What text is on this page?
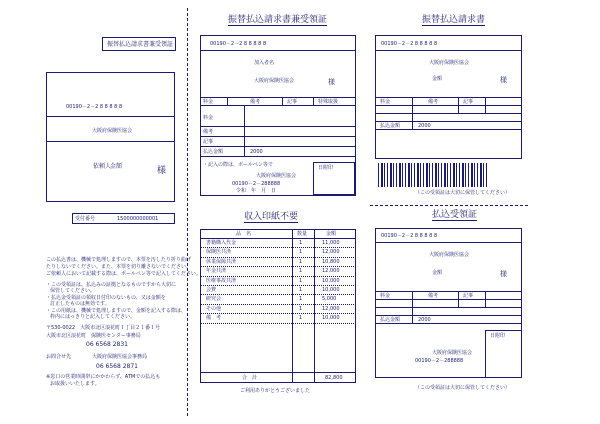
振替払込請求書兼受領証
00190－2－2 8 8 8 8 8
大阪府保険医協会
依頼人
金額	様
受付番号	1500000000001
この払込書は、機械で処理しますので、本票を汚したり折り曲げ
たりしないでください。また、本票を切り離さないでください。
ご依頼人において記載する際は、ボールペン等で記入してください。
・この受領証は、払込みの証拠となるものですから大切に
保管してください。
・払込金受領証の領収日付印のないもの、又は金額を
訂正したものは無効です。
・この用紙は、機械で処理しますので、金額を記入する際は、
枠内にはっきりと記入してください。
〒530-0022　大阪市北区浪花町１丁目２１番１号
大阪市北区浪花町　保険医センター事務局
06 6568 2831
お問合せ先	大阪府保険医協会事務局
06 6568 2871
※窓口の営業時間帯にかかわらず、ATMでの払込も
お取扱いいたします。
振替払込請求書兼受領証
00190－2－2 8 8 8 8 8
加入者名
大阪府保険医協会	様
料金	備考	記事	特殊取扱
料金
備考
記事
払込金額	2000
日附印
大阪府保険医協会
00190－2－288888
令和　年　月　日
・記入の際は、ボールペン等で
収入印紙不要
品　名	数量	金額
書籍購入代金	1	11,000
保険医共済	1	12,000
休業保障共済	1	10,800
年金共済	1	12,000
医療事故共済	1	10,000
会費	1	10,000
研究会	1	5,000
その他	1	12,000
備　考	1	10,000
合　計	82,800
ご利用ありがとうございました
振替払込請求書
00190－2－2 8 8 8 8 8
大阪府保険医協会
金額	様
料金	備考	記事
払込金額	2000
（この受領証は大切に保管してください）
払込受領証
00190－2－2 8 8 8 8 8
大阪府保険医協会
金額	様
料金	備考	記事
払込金額	2000
日附印
大阪府保険医協会
00190－2－288888
（この受領証は大切に保管してください）
